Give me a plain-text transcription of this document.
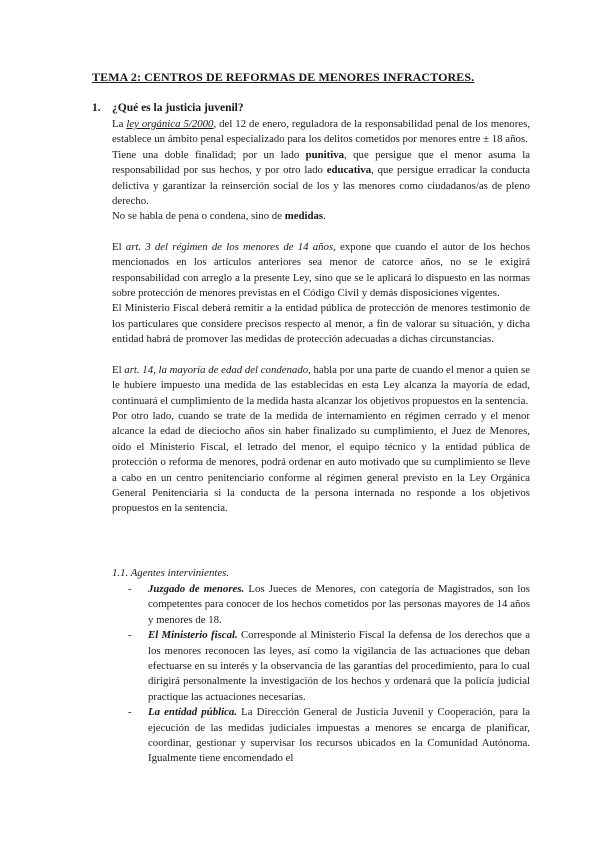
TEMA 2: CENTROS DE REFORMAS DE MENORES INFRACTORES.
1. ¿Qué es la justicia juvenil?

La ley orgánica 5/2000, del 12 de enero, reguladora de la responsabilidad penal de los menores, establece un ámbito penal especializado para los delitos cometidos por menores entre ± 18 años.

Tiene una doble finalidad; por un lado punitiva, que persigue que el menor asuma la responsabilidad por sus hechos, y por otro lado educativa, que persigue erradicar la conducta delictiva y garantizar la reinserción social de los y las menores como ciudadanos/as de pleno derecho.

No se habla de pena o condena, sino de medidas.

El art. 3 del régimen de los menores de 14 años, expone que cuando el autor de los hechos mencionados en los artículos anteriores sea menor de catorce años, no se le exigirá responsabilidad con arreglo a la presente Ley, sino que se le aplicará lo dispuesto en las normas sobre protección de menores previstas en el Código Civil y demás disposiciones vigentes.

El Ministerio Fiscal deberá remitir a la entidad pública de protección de menores testimonio de los particulares que considere precisos respecto al menor, a fin de valorar su situación, y dicha entidad habrá de promover las medidas de protección adecuadas a dichas circunstancias.

El art. 14, la mayoría de edad del condenado, habla por una parte de cuando el menor a quien se le hubiere impuesto una medida de las establecidas en esta Ley alcanza la mayoría de edad, continuará el cumplimiento de la medida hasta alcanzar los objetivos propuestos en la sentencia.

Por otro lado, cuando se trate de la medida de internamiento en régimen cerrado y el menor alcance la edad de dieciocho años sin haber finalizado su cumplimiento, el Juez de Menores, oído el Ministerio Fiscal, el letrado del menor, el equipo técnico y la entidad pública de protección o reforma de menores, podrá ordenar en auto motivado que su cumplimiento se lleve a cabo en un centro penitenciario conforme al régimen general previsto en la Ley Orgánica General Penitenciaria si la conducta de la persona internada no responde a los objetivos propuestos en la sentencia.

1.1. Agentes intervinientes.

- Juzgado de menores. Los Jueces de Menores, con categoría de Magistrados, son los competentes para conocer de los hechos cometidos por las personas mayores de 14 años y menores de 18.

- El Ministerio fiscal. Corresponde al Ministerio Fiscal la defensa de los derechos que a los menores reconocen las leyes, así como la vigilancia de las actuaciones que deban efectuarse en su interés y la observancia de las garantías del procedimiento, para lo cual dirigirá personalmente la investigación de los hechos y ordenará que la policía judicial practique las actuaciones necesarias.

- La entidad pública. La Dirección General de Justicia Juvenil y Cooperación, para la ejecución de las medidas judiciales impuestas a menores se encarga de planificar, coordinar, gestionar y supervisar los recursos ubicados en la Comunidad Autónoma. Igualmente tiene encomendado el
